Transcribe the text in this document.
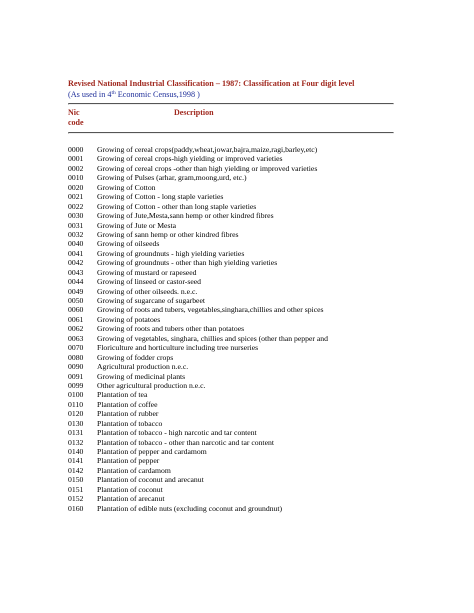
Revised National Industrial Classification – 1987: Classification at Four digit level
(As used in 4th Economic Census,1998 )
Nic code
Description
0000	Growing of cereal crops(paddy,wheat,jowar,bajra,maize,ragi,barley,etc)
0001	Growing of cereal crops-high yielding or improved varieties
0002	Growing of cereal crops -other than high yielding or improved varieties
0010	Growing of Pulses (arhar, gram,moong,urd, etc.)
0020	Growing of Cotton
0021	Growing of Cotton - long staple varieties
0022	Growing of Cotton - other than long staple varieties
0030	Growing of Jute,Mesta,sann hemp or other kindred fibres
0031	Growing of Jute or Mesta
0032	Growing of sann hemp or other kindred fibres
0040	Growing of oilseeds
0041	Growing of groundnuts - high yielding varieties
0042	Growing of groundnuts - other than high yielding varieties
0043	Growing of mustard or rapeseed
0044	Growing of linseed or castor-seed
0049	Growing of other oilseeds. n.e.c.
0050	Growing of sugarcane of sugarbeet
0060	Growing of roots and tubers, vegetables,singhara,chillies and other spices
0061	Growing of potatoes
0062	Growing of roots and tubers other than potatoes
0063	Growing of vegetables, singhara, chillies and spices (other than pepper and
0070	Floriculture and horticulture including tree nurseries
0080	Growing of fodder crops
0090	Agricultural production n.e.c.
0091	Growing of medicinal plants
0099	Other agricultural production n.e.c.
0100	Plantation of tea
0110	Plantation of coffee
0120	Plantation of rubber
0130	Plantation of tobacco
0131	Plantation of tobacco - high narcotic and tar content
0132	Plantation of tobacco - other than narcotic and tar content
0140	Plantation of pepper and cardamom
0141	Plantation of pepper
0142	Plantation of cardamom
0150	Plantation of coconut and arecanut
0151	Plantation of coconut
0152	Plantation of arecanut
0160	Plantation of edible nuts (excluding coconut and groundnut)
